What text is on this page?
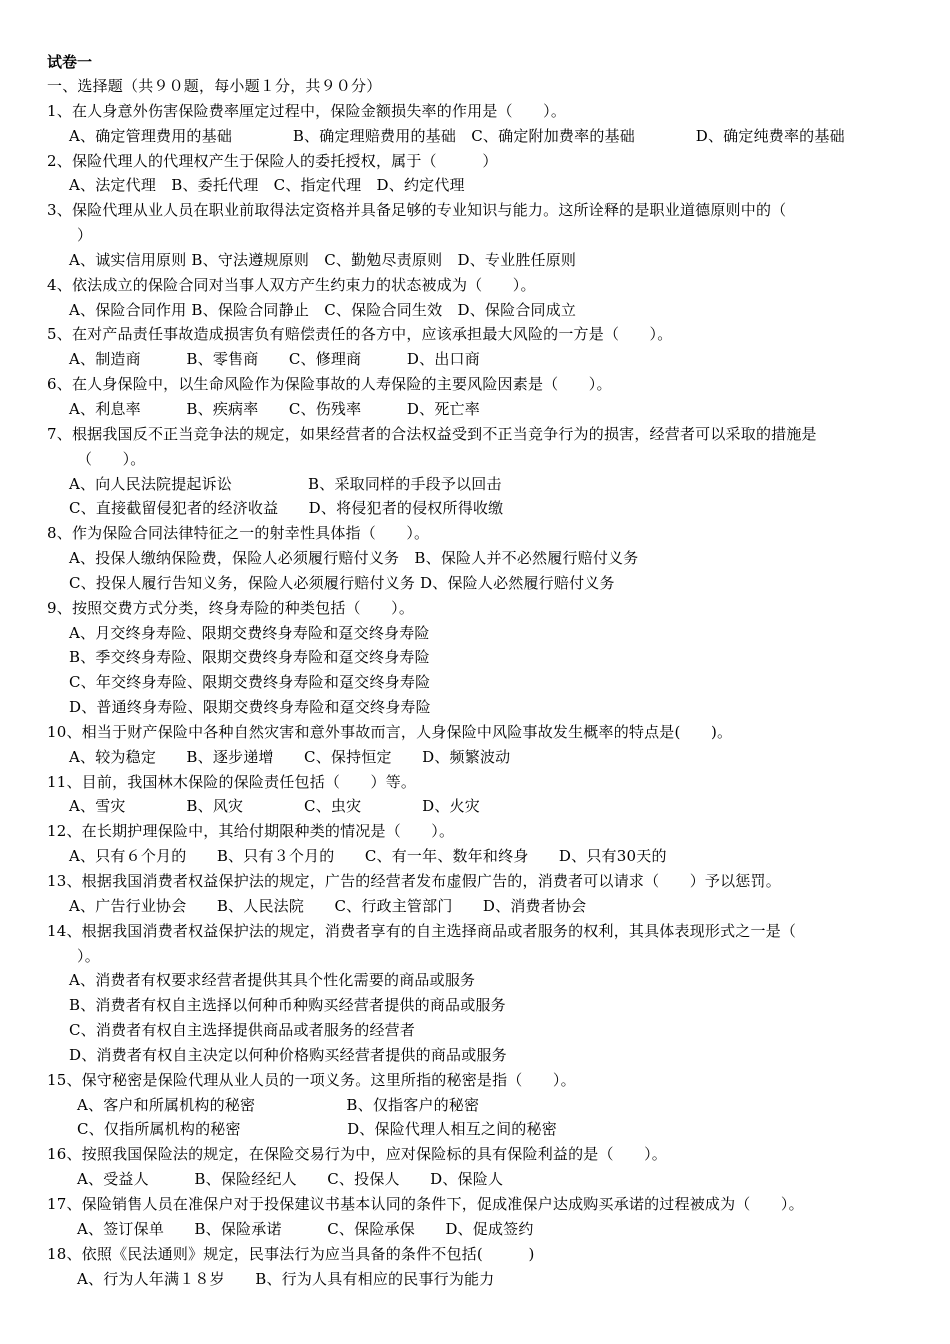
试卷一
一、选择题（共９０题，每小题１分，共９０分）
1、在人身意外伤害保险费率厘定过程中，保险金额损失率的作用是（　　）。
A、确定管理费用的基础　　　　B、确定理赔费用的基础　C、确定附加费率的基础　　　　D、确定纯费率的基础
2、保险代理人的代理权产生于保险人的委托授权，属于（　　　）
A、法定代理　B、委托代理　C、指定代理　D、约定代理
3、保险代理从业人员在职业前取得法定资格并具备足够的专业知识与能力。这所诠释的是职业道德原则中的（
）
A、诚实信用原则 B、守法遵规原则　C、勤勉尽责原则　D、专业胜任原则
4、依法成立的保险合同对当事人双方产生约束力的状态被成为（　　）。
A、保险合同作用 B、保险合同静止　C、保险合同生效　D、保险合同成立
5、在对产品责任事故造成损害负有赔偿责任的各方中，应该承担最大风险的一方是（　　）。
A、制造商　　　B、零售商　　C、修理商　　　D、出口商
6、在人身保险中，以生命风险作为保险事故的人寿保险的主要风险因素是（　　）。
A、利息率　　　B、疾病率　　C、伤残率　　　D、死亡率
7、根据我国反不正当竞争法的规定，如果经营者的合法权益受到不正当竞争行为的损害，经营者可以采取的措施是
（　　）。
A、向人民法院提起诉讼　　　　　B、采取同样的手段予以回击
C、直接截留侵犯者的经济收益　　D、将侵犯者的侵权所得收缴
8、作为保险合同法律特征之一的射幸性具体指（　　）。
A、投保人缴纳保险费，保险人必须履行赔付义务　B、保险人并不必然履行赔付义务
C、投保人履行告知义务，保险人必须履行赔付义务 D、保险人必然履行赔付义务
9、按照交费方式分类，终身寿险的种类包括（　　）。
A、月交终身寿险、限期交费终身寿险和趸交终身寿险
B、季交终身寿险、限期交费终身寿险和趸交终身寿险
C、年交终身寿险、限期交费终身寿险和趸交终身寿险
D、普通终身寿险、限期交费终身寿险和趸交终身寿险
10、相当于财产保险中各种自然灾害和意外事故而言，人身保险中风险事故发生概率的特点是(　　)。
A、较为稳定　　B、逐步递增　　C、保持恒定　　D、频繁波动
11、目前，我国林木保险的保险责任包括（　　）等。
A、雪灾　　　　B、风灾　　　　C、虫灾　　　　D、火灾
12、在长期护理保险中，其给付期限种类的情况是（　　）。
A、只有６个月的　　B、只有３个月的　　C、有一年、数年和终身　　D、只有30天的
13、根据我国消费者权益保护法的规定，广告的经营者发布虚假广告的，消费者可以请求（　　）予以惩罚。
A、广告行业协会　　B、人民法院　　C、行政主管部门　　D、消费者协会
14、根据我国消费者权益保护法的规定，消费者享有的自主选择商品或者服务的权利，其具体表现形式之一是（
）。
A、消费者有权要求经营者提供其具个性化需要的商品或服务
B、消费者有权自主选择以何种币种购买经营者提供的商品或服务
C、消费者有权自主选择提供商品或者服务的经营者
D、消费者有权自主决定以何种价格购买经营者提供的商品或服务
15、保守秘密是保险代理从业人员的一项义务。这里所指的秘密是指（　　）。
A、客户和所属机构的秘密　　　　　　B、仅指客户的秘密
C、仅指所属机构的秘密　　　　　　　D、保险代理人相互之间的秘密
16、按照我国保险法的规定，在保险交易行为中，应对保险标的具有保险利益的是（　　）。
A、受益人　　　B、保险经纪人　　C、投保人　　D、保险人
17、保险销售人员在准保户对于投保建议书基本认同的条件下，促成准保户达成购买承诺的过程被成为（　　）。
A、签订保单　　B、保险承诺　　　C、保险承保　　D、促成签约
18、依照《民法通则》规定，民事法行为应当具备的条件不包括(　　　)
A、行为人年满１８岁　　B、行为人具有相应的民事行为能力
